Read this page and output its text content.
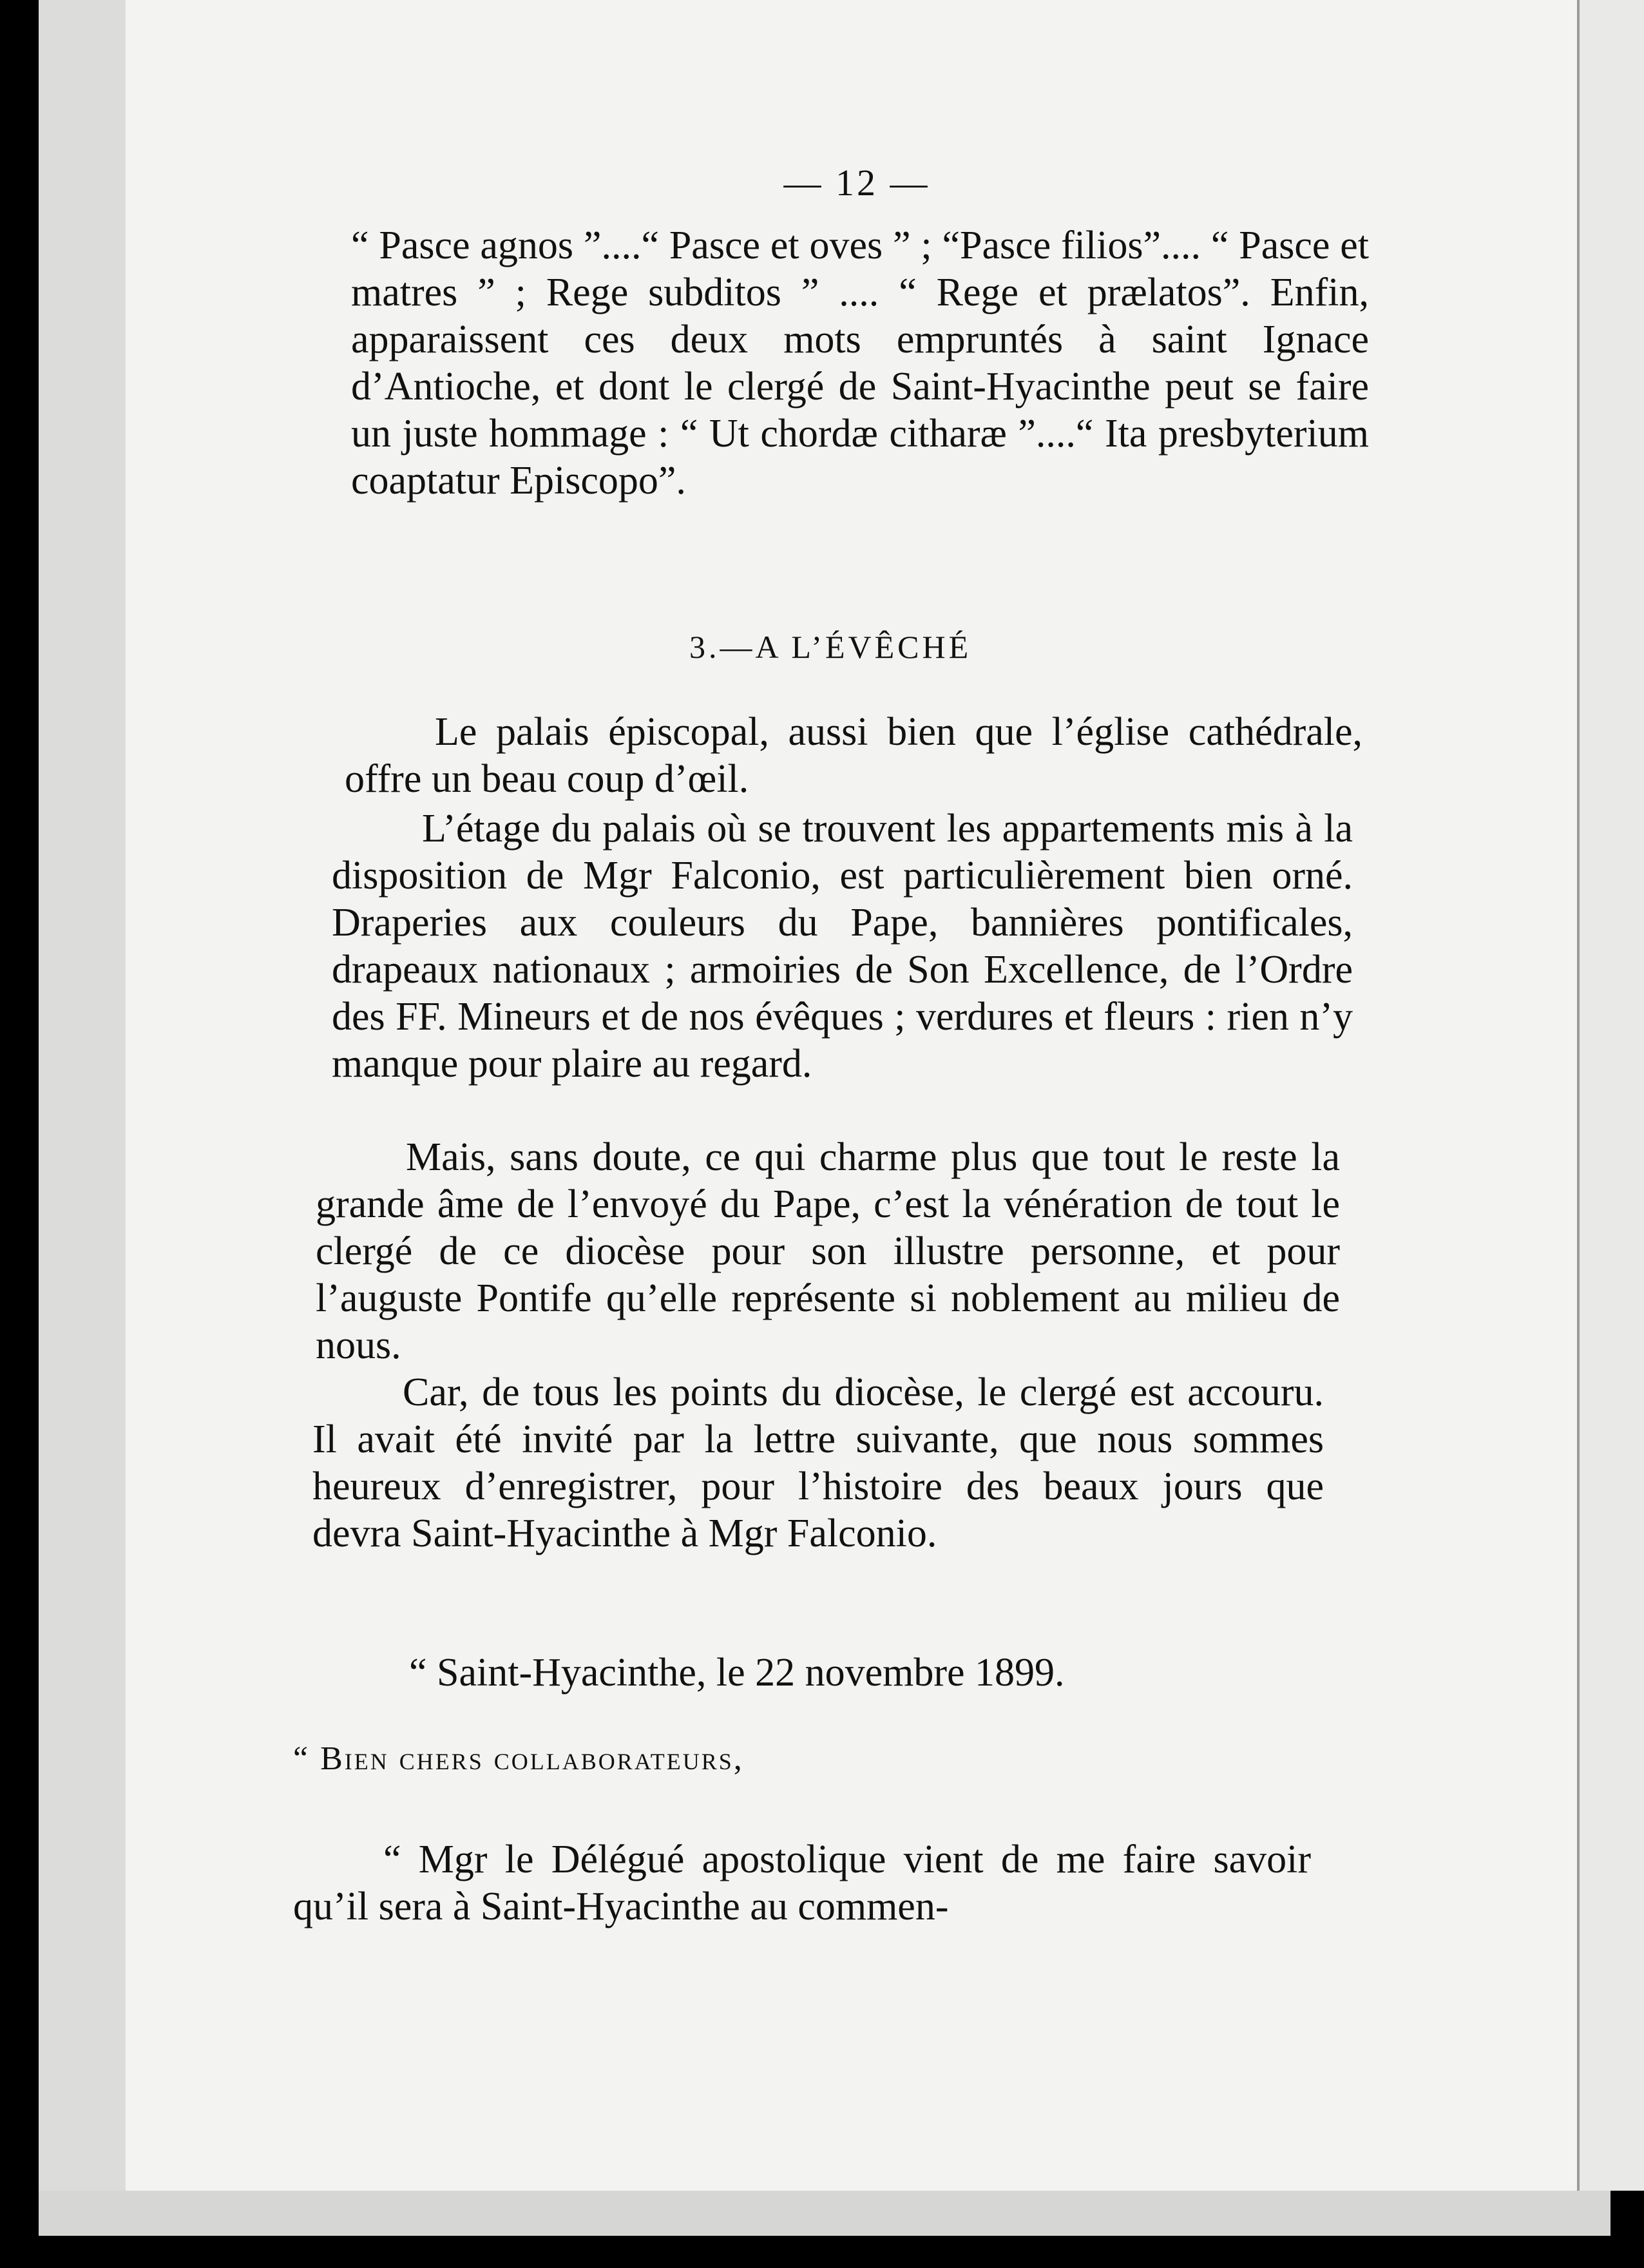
— 12 —

“ Pasce agnos ”....“ Pasce et oves ” ; “Pasce filios”.... “ Pasce et matres ” ; Rege subditos ” .... “ Rege et prælatos”. Enfin, apparaissent ces deux mots empruntés à saint Ignace d’Antioche, et dont le clergé de Saint-Hyacinthe peut se faire un juste hommage : “ Ut chordæ citharæ ”....“ Ita presbyterium coaptatur Episcopo”.

3.—A L’ÉVÊCHÉ

Le palais épiscopal, aussi bien que l’église cathédrale, offre un beau coup d’œil.

L’étage du palais où se trouvent les appartements mis à la disposition de Mgr Falconio, est particulièrement bien orné. Draperies aux couleurs du Pape, bannières pontificales, drapeaux nationaux ; armoiries de Son Excellence, de l’Ordre des FF. Mineurs et de nos évêques ; verdures et fleurs : rien n’y manque pour plaire au regard.

Mais, sans doute, ce qui charme plus que tout le reste la grande âme de l’envoyé du Pape, c’est la vénération de tout le clergé de ce diocèse pour son illustre personne, et pour l’auguste Pontife qu’elle représente si noblement au milieu de nous.

Car, de tous les points du diocèse, le clergé est accouru. Il avait été invité par la lettre suivante, que nous sommes heureux d’enregistrer, pour l’histoire des beaux jours que devra Saint-Hyacinthe à Mgr Falconio.

“ Saint-Hyacinthe, le 22 novembre 1899.

“ Bien chers collaborateurs,

“ Mgr le Délégué apostolique vient de me faire savoir qu’il sera à Saint-Hyacinthe au commen-
